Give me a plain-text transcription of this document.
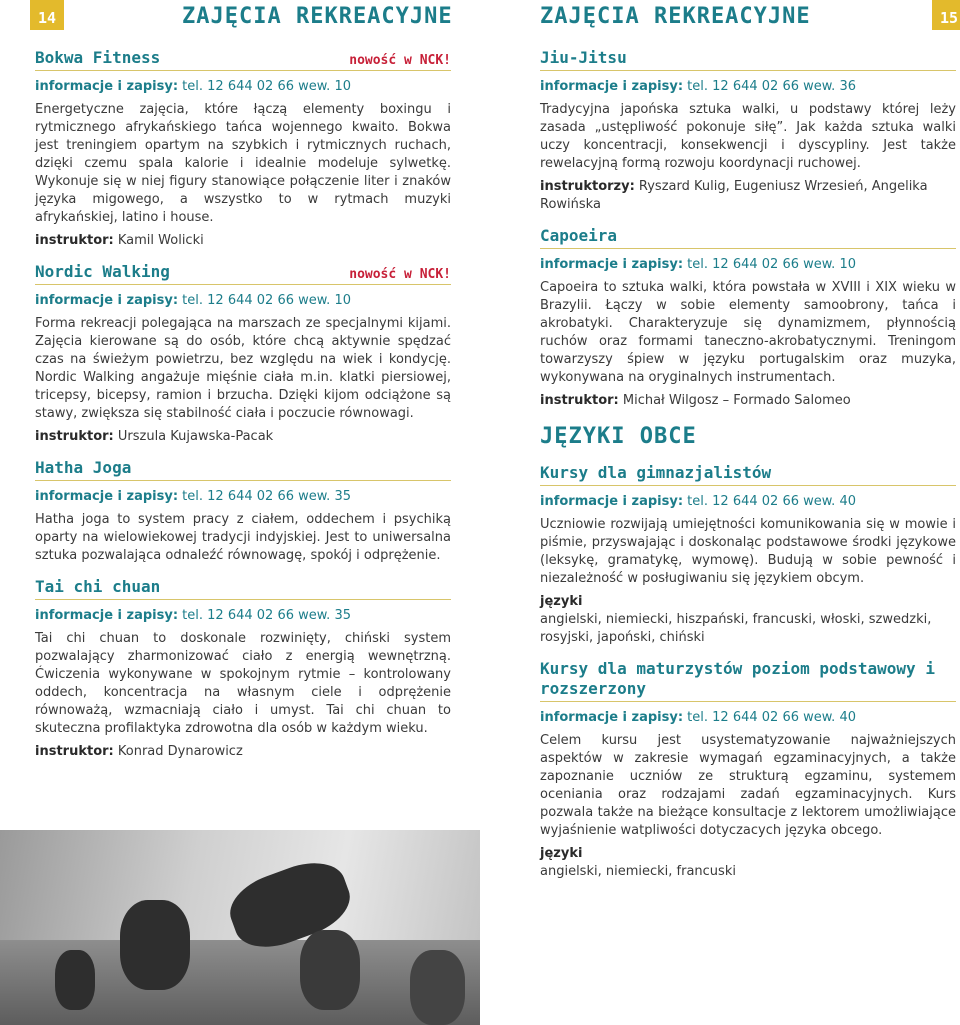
14	ZAJĘCIA REKREACYJNE	ZAJĘCIA REKREACYJNE	15
Bokwa Fitness	nowość w NCK!

informacje i zapisy: tel. 12 644 02 66 wew. 10

Energetyczne zajęcia, które łączą elementy boxingu i rytmicznego afrykańskiego tańca wojennego kwaito. Bokwa jest treningiem opartym na szybkich i rytmicznych ruchach, dzięki czemu spala kalorie i idealnie modeluje sylwetkę. Wykonuje się w niej figury stanowiące połączenie liter i znaków języka migowego, a wszystko to w rytmach muzyki afrykańskiej, latino i house.

instruktor: Kamil Wolicki

Nordic Walking	nowość w NCK!

informacje i zapisy: tel. 12 644 02 66 wew. 10

Forma rekreacji polegająca na marszach ze specjalnymi kijami. Zajęcia kierowane są do osób, które chcą aktywnie spędzać czas na świeżym powietrzu, bez względu na wiek i kondycję. Nordic Walking angażuje mięśnie ciała m.in. klatki piersiowej, tricepsy, bicepsy, ramion i brzucha. Dzięki kijom odciążone są stawy, zwiększa się stabilność ciała i poczucie równowagi.

instruktor: Urszula Kujawska-Pacak

Hatha Joga

informacje i zapisy: tel. 12 644 02 66 wew. 35

Hatha joga to system pracy z ciałem, oddechem i psychiką oparty na wielowiekowej tradycji indyjskiej. Jest to uniwersalna sztuka pozwalająca odnaleźć równowagę, spokój i odprężenie.

Tai chi chuan

informacje i zapisy: tel. 12 644 02 66 wew. 35

Tai chi chuan to doskonale rozwinięty, chiński system pozwalający zharmonizować ciało z energią wewnętrzną. Ćwiczenia wykonywane w spokojnym rytmie – kontrolowany oddech, koncentracja na własnym ciele i odprężenie równoważą, wzmacniają ciało i umyst. Tai chi chuan to skuteczna profilaktyka zdrowotna dla osób w każdym wieku.

instruktor: Konrad Dynarowicz

Jiu-Jitsu

informacje i zapisy: tel. 12 644 02 66 wew. 36

Tradycyjna japońska sztuka walki, u podstawy której leży zasada „ustępliwość pokonuje siłę”. Jak każda sztuka walki uczy koncentracji, konsekwencji i dyscypliny. Jest także rewelacyjną formą rozwoju koordynacji ruchowej.

instruktorzy: Ryszard Kulig, Eugeniusz Wrzesień, Angelika Rowińska

Capoeira

informacje i zapisy: tel. 12 644 02 66 wew. 10

Capoeira to sztuka walki, która powstała w XVIII i XIX wieku w Brazylii. Łączy w sobie elementy samoobrony, tańca i akrobatyki. Charakteryzuje się dynamizmem, płynnością ruchów oraz formami taneczno-akrobatycznymi. Treningom towarzyszy śpiew w języku portugalskim oraz muzyka, wykonywana na oryginalnych instrumentach.

instruktor: Michał Wilgosz – Formado Salomeo

JĘZYKI OBCE
Kursy dla gimnazjalistów

informacje i zapisy: tel. 12 644 02 66 wew. 40

Uczniowie rozwijają umiejętności komunikowania się w mowie i piśmie, przyswajając i doskonaląc podstawowe środki językowe (leksykę, gramatykę, wymowę). Budują w sobie pewność i niezależność w posługiwaniu się językiem obcym.

języki

angielski, niemiecki, hiszpański, francuski, włoski, szwedzki, rosyjski, japoński, chiński

Kursy dla maturzystów poziom podstawowy i rozszerzony

informacje i zapisy: tel. 12 644 02 66 wew. 40

Celem kursu jest usystematyzowanie najważniejszych aspektów w zakresie wymagań egzaminacyjnych, a także zapoznanie uczniów ze strukturą egzaminu, systemem oceniania oraz rodzajami zadań egzaminacyjnych. Kurs pozwala także na bieżące konsultacje z lektorem umożliwiające wyjaśnienie watpliwości dotyczacych języka obcego.

języki

angielski, niemiecki, francuski
